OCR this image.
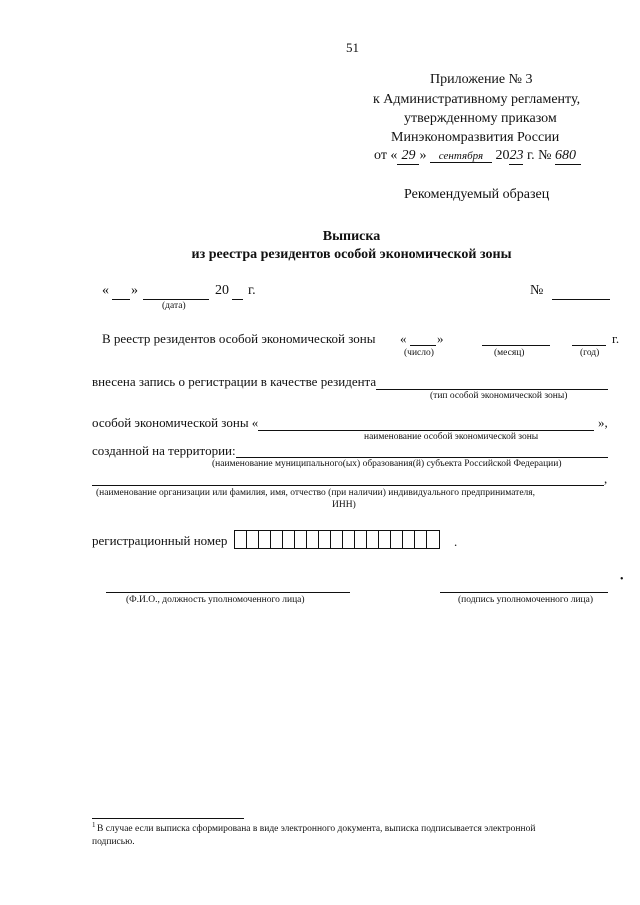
51
Приложение № 3
к Административному регламенту,
утвержденному приказом
Минэкономразвития России
от « 29 » сентября 2023 г. № 680
Рекомендуемый образец
Выписка
из реестра резидентов особой экономической зоны
« »	20 г.
(дата)
№
В реестр резидентов особой экономической зоны « »	г.
(число)	(месяц)	(год)
внесена запись о регистрации в качестве резидента
(тип особой экономической зоны)
особой экономической зоны «	»,
наименование особой экономической зоны
созданной на территории:
(наименование муниципального(ых) образования(й) субъекта Российской Федерации)
,
(наименование организации или фамилия, имя, отчество (при наличии) индивидуального предпринимателя,
ИНН)
регистрационный номер	.
(Ф.И.О., должность уполномоченного лица)	(подпись уполномоченного лица)
•
1 В случае если выписка сформирована в виде электронного документа, выписка подписывается электронной
подписью.
